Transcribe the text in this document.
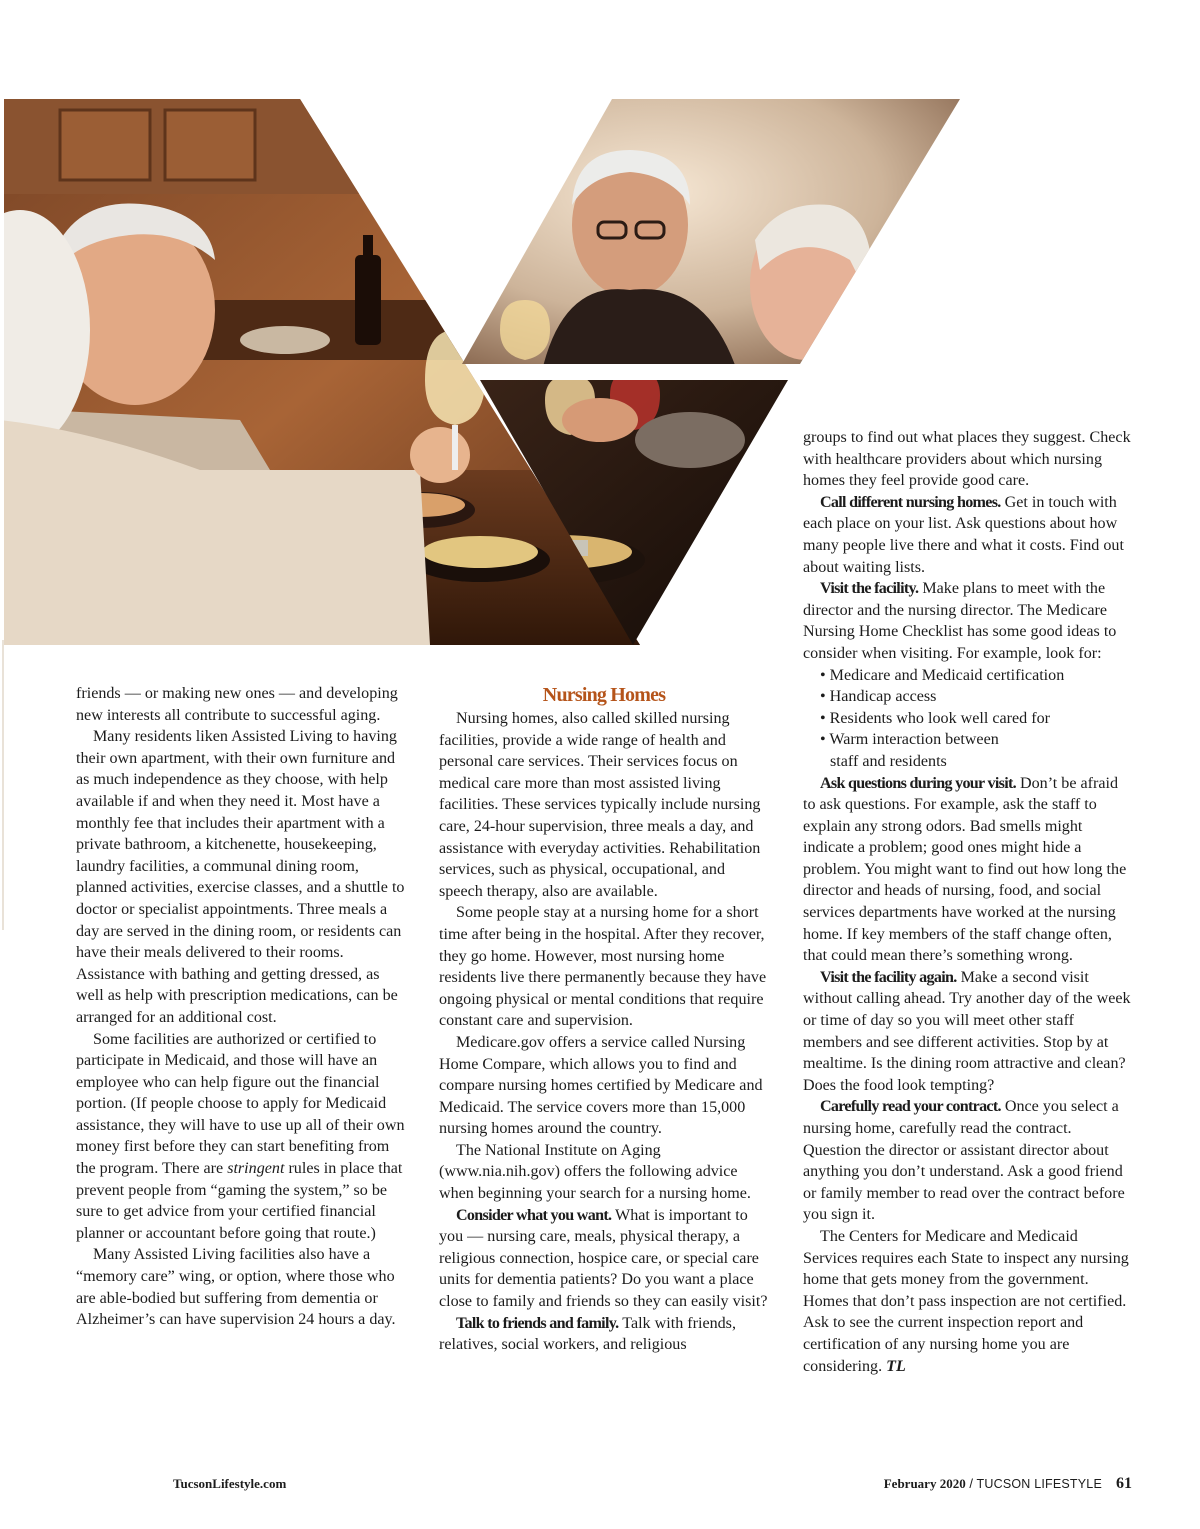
friends — or making new ones — and developing new interests all contribute to successful aging.

Many residents liken Assisted Living to having their own apartment, with their own furniture and as much independence as they choose, with help available if and when they need it. Most have a monthly fee that includes their apartment with a private bathroom, a kitchenette, housekeeping, laundry facilities, a communal dining room, planned activities, exercise classes, and a shuttle to doctor or specialist appointments. Three meals a day are served in the dining room, or residents can have their meals delivered to their rooms. Assistance with bathing and getting dressed, as well as help with prescription medications, can be arranged for an additional cost.

Some facilities are authorized or certified to participate in Medicaid, and those will have an employee who can help figure out the financial portion. (If people choose to apply for Medicaid assistance, they will have to use up all of their own money first before they can start benefiting from the program. There are stringent rules in place that prevent people from “gaming the system,” so be sure to get advice from your certified financial planner or accountant before going that route.)

Many Assisted Living facilities also have a “memory care” wing, or option, where those who are able-bodied but suffering from dementia or Alzheimer’s can have supervision 24 hours a day.

Nursing Homes

Nursing homes, also called skilled nursing facilities, provide a wide range of health and personal care services. Their services focus on medical care more than most assisted living facilities. These services typically include nursing care, 24-hour supervision, three meals a day, and assistance with everyday activities. Rehabilitation services, such as physical, occupational, and speech therapy, also are available.

Some people stay at a nursing home for a short time after being in the hospital. After they recover, they go home. However, most nursing home residents live there permanently because they have ongoing physical or mental conditions that require constant care and supervision.

Medicare.gov offers a service called Nursing Home Compare, which allows you to find and compare nursing homes certified by Medicare and Medicaid. The service covers more than 15,000 nursing homes around the country.

The National Institute on Aging (www.nia.nih.gov) offers the following advice when beginning your search for a nursing home.

Consider what you want. What is important to you — nursing care, meals, physical therapy, a religious connection, hospice care, or special care units for dementia patients? Do you want a place close to family and friends so they can easily visit?

Talk to friends and family. Talk with friends, relatives, social workers, and religious

groups to find out what places they suggest. Check with healthcare providers about which nursing homes they feel provide good care.

Call different nursing homes. Get in touch with each place on your list. Ask questions about how many people live there and what it costs. Find out about waiting lists.

Visit the facility. Make plans to meet with the director and the nursing director. The Medicare Nursing Home Checklist has some good ideas to consider when visiting. For example, look for:

• Medicare and Medicaid certification
• Handicap access
• Residents who look well cared for
• Warm interaction between
staff and residents

Ask questions during your visit. Don’t be afraid to ask questions. For example, ask the staff to explain any strong odors. Bad smells might indicate a problem; good ones might hide a problem. You might want to find out how long the director and heads of nursing, food, and social services departments have worked at the nursing home. If key members of the staff change often, that could mean there’s something wrong.

Visit the facility again. Make a second visit without calling ahead. Try another day of the week or time of day so you will meet other staff members and see different activities. Stop by at mealtime. Is the dining room attractive and clean? Does the food look tempting?

Carefully read your contract. Once you select a nursing home, carefully read the contract. Question the director or assistant director about anything you don’t understand. Ask a good friend or family member to read over the contract before you sign it.

The Centers for Medicare and Medicaid Services requires each State to inspect any nursing home that gets money from the government. Homes that don’t pass inspection are not certified. Ask to see the current inspection report and certification of any nursing home you are considering. TL

TucsonLifestyle.com	February 2020 / TUCSON LIFESTYLE 61
